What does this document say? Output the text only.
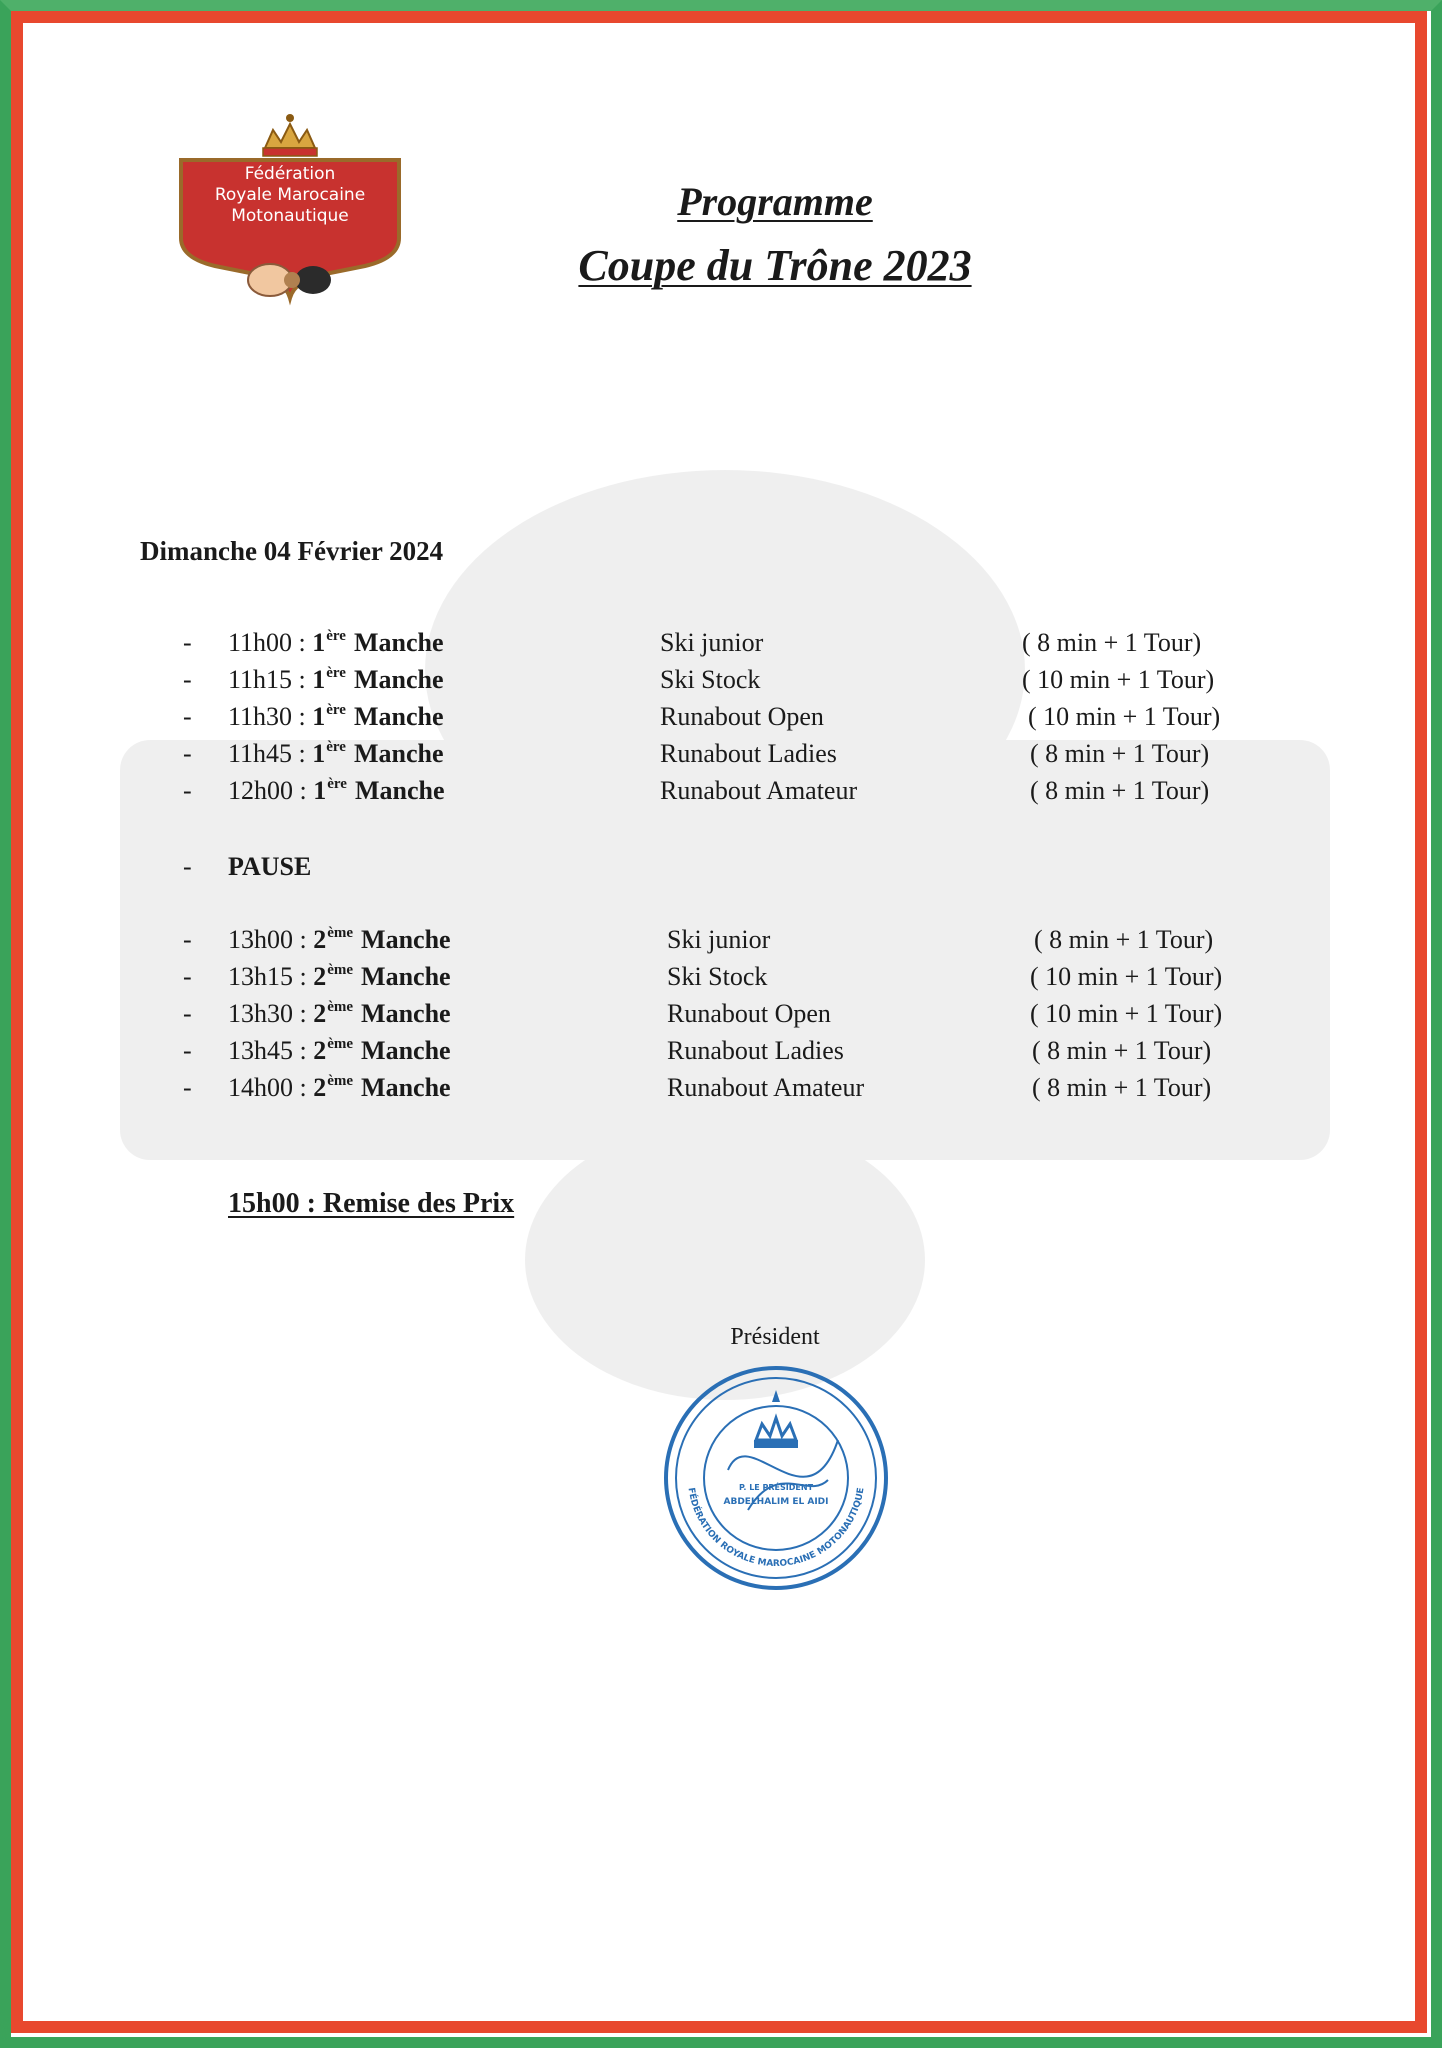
Fédération
Royale Marocaine
Motonautique	Programme
Coupe du Trône 2023
Dimanche 04 Février 2024
- 11h00 : 1ère Manche	Ski junior	( 8 min + 1 Tour)
- 11h15 : 1ère Manche	Ski Stock	( 10 min + 1 Tour)
- 11h30 : 1ère Manche	Runabout Open	( 10 min + 1 Tour)
- 11h45 : 1ère Manche	Runabout Ladies	( 8 min + 1 Tour)
- 12h00 : 1ère Manche	Runabout Amateur	( 8 min + 1 Tour)
- PAUSE
- 13h00 : 2ème Manche	Ski junior	( 8 min + 1 Tour)
- 13h15 : 2ème Manche	Ski Stock	( 10 min + 1 Tour)
- 13h30 : 2ème Manche	Runabout Open	( 10 min + 1 Tour)
- 13h45 : 2ème Manche	Runabout Ladies	( 8 min + 1 Tour)
- 14h00 : 2ème Manche	Runabout Amateur	( 8 min + 1 Tour)
15h00 : Remise des Prix
Président
FÉDÉRATION ROYALE MAROCAINE MOTONAUTIQUE
P. LE PRÉSIDENT
ABDELHALIM EL AIDI
